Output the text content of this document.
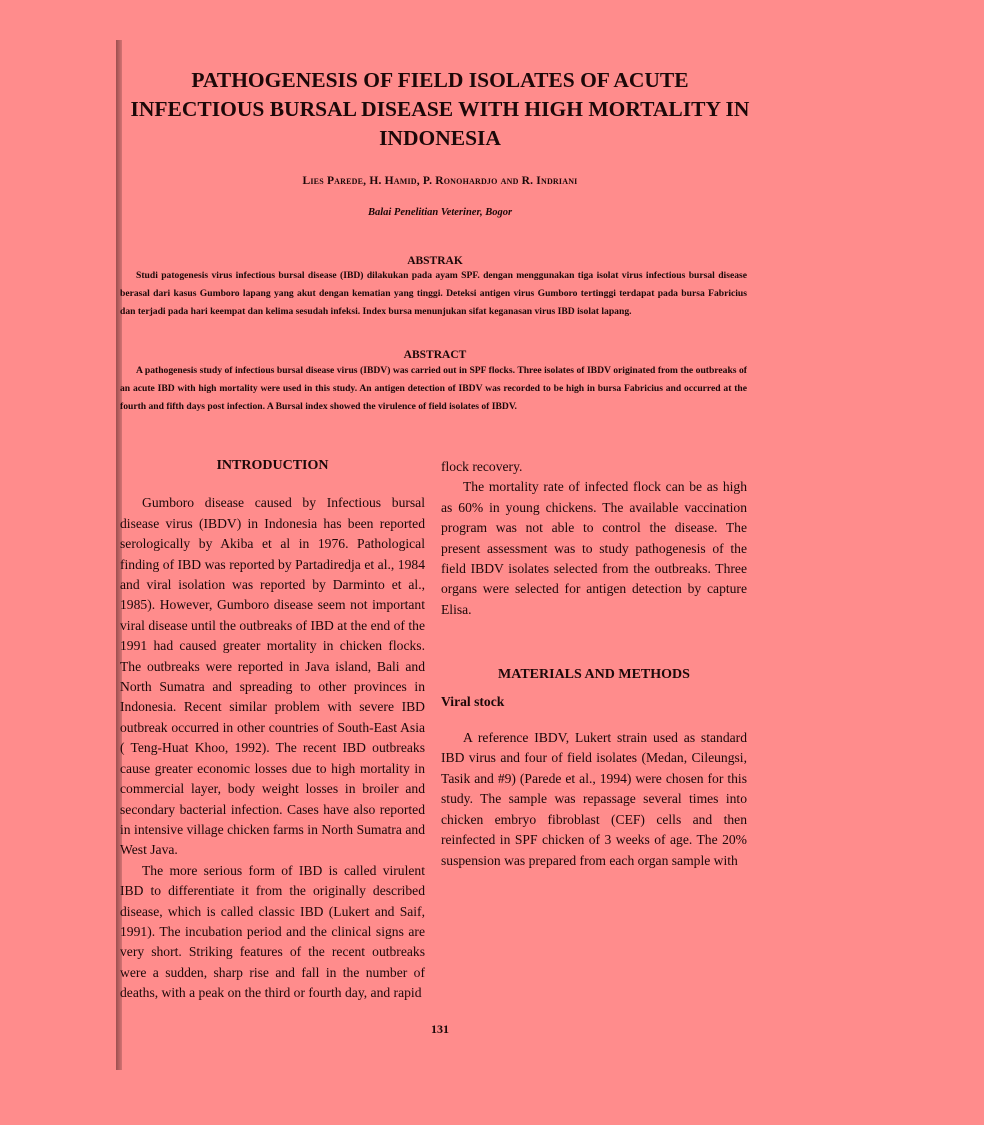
PATHOGENESIS OF FIELD ISOLATES OF ACUTE
INFECTIOUS BURSAL DISEASE WITH HIGH MORTALITY IN
INDONESIA
Lies Parede, H. Hamid, P. Ronohardjo and R. Indriani
Balai Penelitian Veteriner, Bogor
ABSTRAK
Studi patogenesis virus infectious bursal disease (IBD) dilakukan pada ayam SPF. dengan menggunakan tiga isolat virus infectious bursal disease berasal dari kasus Gumboro lapang yang akut dengan kematian yang tinggi. Deteksi antigen virus Gumboro tertinggi terdapat pada bursa Fabricius dan terjadi pada hari keempat dan kelima sesudah infeksi. Index bursa menunjukan sifat keganasan virus IBD isolat lapang.
ABSTRACT
A pathogenesis study of infectious bursal disease virus (IBDV) was carried out in SPF flocks. Three isolates of IBDV originated from the outbreaks of an acute IBD with high mortality were used in this study. An antigen detection of IBDV was recorded to be high in bursa Fabricius and occurred at the fourth and fifth days post infection. A Bursal index showed the virulence of field isolates of IBDV.

INTRODUCTION

Gumboro disease caused by Infectious bursal disease virus (IBDV) in Indonesia has been reported serologically by Akiba et al in 1976. Pathological finding of IBD was reported by Partadiredja et al., 1984 and viral isolation was reported by Darminto et al., 1985). However, Gumboro disease seem not important viral disease until the outbreaks of IBD at the end of the 1991 had caused greater mortality in chicken flocks. The outbreaks were reported in Java island, Bali and North Sumatra and spreading to other provinces in Indonesia. Recent similar problem with severe IBD outbreak occurred in other countries of South-East Asia ( Teng-Huat Khoo, 1992). The recent IBD outbreaks cause greater economic losses due to high mortality in commercial layer, body weight losses in broiler and secondary bacterial infection. Cases have also reported in intensive village chicken farms in North Sumatra and West Java.

The more serious form of IBD is called virulent IBD to differentiate it from the originally described disease, which is called classic IBD (Lukert and Saif, 1991). The incubation period and the clinical signs are very short. Striking features of the recent outbreaks were a sudden, sharp rise and fall in the number of deaths, with a peak on the third or fourth day, and rapid

flock recovery.

The mortality rate of infected flock can be as high as 60% in young chickens. The available vaccination program was not able to control the disease. The present assessment was to study pathogenesis of the field IBDV isolates selected from the outbreaks. Three organs were selected for antigen detection by capture Elisa.

MATERIALS AND METHODS

Viral stock

A reference IBDV, Lukert strain used as standard IBD virus and four of field isolates (Medan, Cileungsi, Tasik and #9) (Parede et al., 1994) were chosen for this study. The sample was repassage several times into chicken embryo fibroblast (CEF) cells and then reinfected in SPF chicken of 3 weeks of age. The 20% suspension was prepared from each organ sample with

131
